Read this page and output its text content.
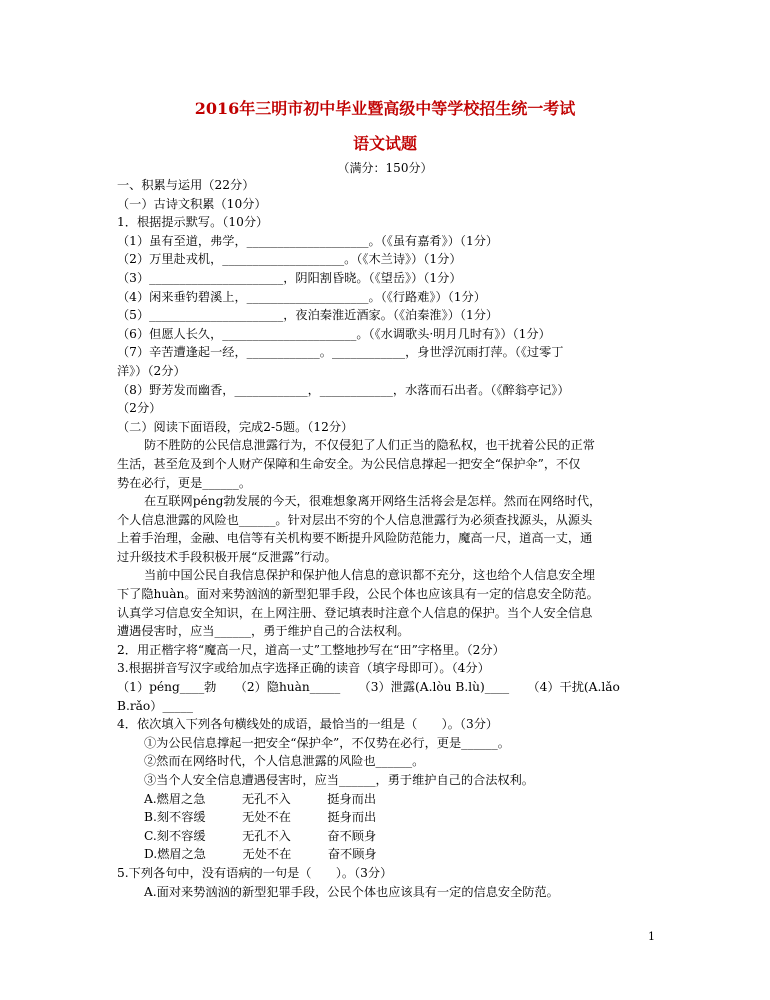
2016年三明市初中毕业暨高级中等学校招生统一考试
语文试题
（满分：150分）
一、积累与运用（22分）
（一）古诗文积累（10分）
1．根据提示默写。（10分）
（1）虽有至道，弗学，____________________。（《虽有嘉肴》）（1分）
（2）万里赴戎机，____________________。（《木兰诗》）（1分）
（3）______________________，阴阳割昏晓。（《望岳》）（1分）
（4）闲来垂钓碧溪上，____________________。（《行路难》）（1分）
（5）______________________，夜泊秦淮近酒家。（《泊秦淮》）（1分）
（6）但愿人长久，______________________。（《水调歌头·明月几时有》）（1分）
（7）辛苦遭逢起一经，____________。____________，身世浮沉雨打萍。（《过零丁
洋》）（2分）
（8）野芳发而幽香，____________，____________，水落而石出者。（《醉翁亭记》）
（2分）
（二）阅读下面语段，完成2-5题。（12分）
防不胜防的公民信息泄露行为，不仅侵犯了人们正当的隐私权，也干扰着公民的正常
生活，甚至危及到个人财产保障和生命安全。为公民信息撑起一把安全“保护伞”，不仅
势在必行，更是______。
在互联网péng勃发展的今天，很难想象离开网络生活将会是怎样。然而在网络时代，
个人信息泄露的风险也______。针对层出不穷的个人信息泄露行为必须查找源头，从源头
上着手治理，金融、电信等有关机构要不断提升风险防范能力，魔高一尺，道高一丈，通
过升级技术手段积极开展“反泄露”行动。
当前中国公民自我信息保护和保护他人信息的意识都不充分，这也给个人信息安全埋
下了隐huàn。面对来势汹汹的新型犯罪手段，公民个体也应该具有一定的信息安全防范。
认真学习信息安全知识，在上网注册、登记填表时注意个人信息的保护。当个人安全信息
遭遇侵害时，应当______，勇于维护自己的合法权利。
2．用正楷字将“魔高一尺，道高一丈”工整地抄写在“田”字格里。（2分）
3.根据拼音写汉字或给加点字选择正确的读音（填字母即可）。（4分）
（1）péng____勃　　（2）隐huàn_____　　（3）泄露(A.lòu B.lù)____　　（4）干扰(A.lǎo
B.rǎo）_____
4．依次填入下列各句横线处的成语，最恰当的一组是（　　）。（3分）
①为公民信息撑起一把安全“保护伞”，不仅势在必行，更是______。
②然而在网络时代，个人信息泄露的风险也______。
③当个人安全信息遭遇侵害时，应当______，勇于维护自己的合法权利。
A.燃眉之急　　　无孔不入　　　挺身而出
B.刻不容缓　　　无处不在　　　挺身而出
C.刻不容缓　　　无孔不入　　　奋不顾身
D.燃眉之急　　　无处不在　　　奋不顾身
5.下列各句中，没有语病的一句是（　　）。（3分）
A.面对来势汹汹的新型犯罪手段，公民个体也应该具有一定的信息安全防范。
1
